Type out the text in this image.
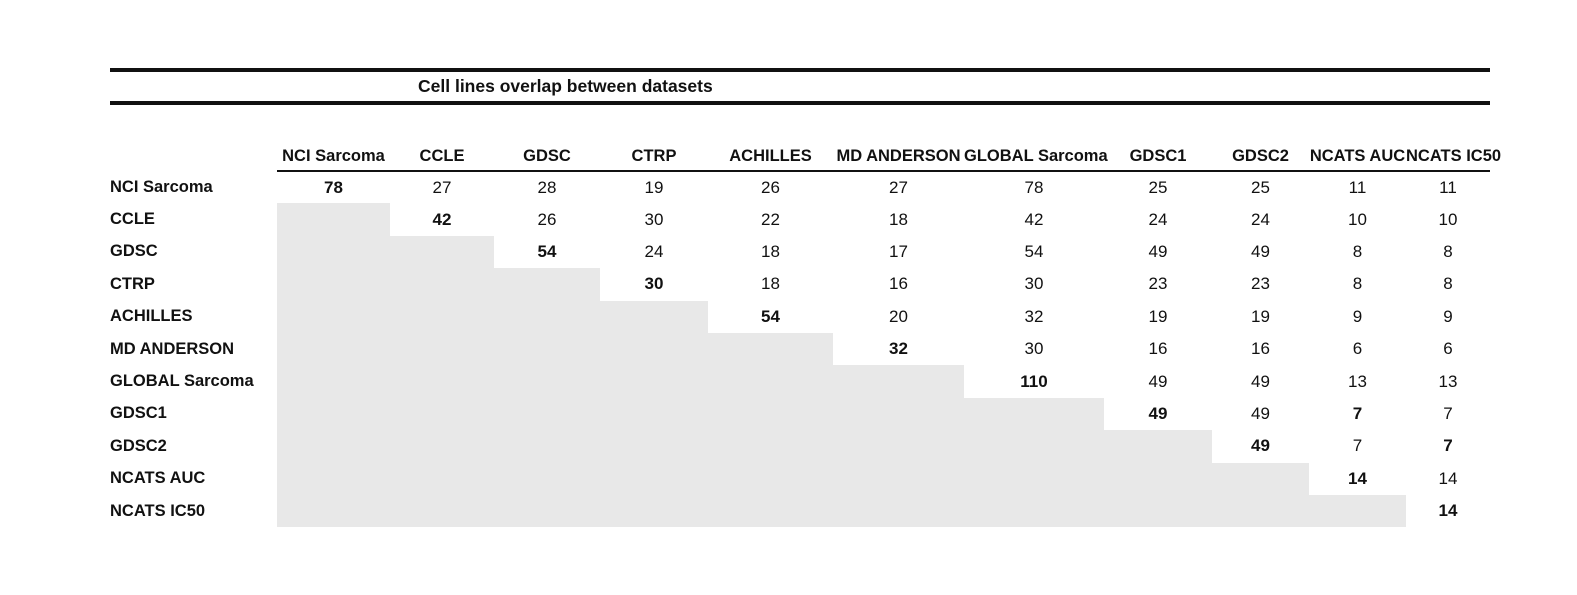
Cell lines overlap between datasets
	NCI Sarcoma	CCLE	GDSC	CTRP	ACHILLES	MD ANDERSON	GLOBAL Sarcoma	GDSC1	GDSC2	NCATS AUC	NCATS IC50
NCI Sarcoma	78	27	28	19	26	27	78	25	25	11	11
CCLE		42	26	30	22	18	42	24	24	10	10
GDSC			54	24	18	17	54	49	49	8	8
CTRP				30	18	16	30	23	23	8	8
ACHILLES					54	20	32	19	19	9	9
MD ANDERSON						32	30	16	16	6	6
GLOBAL Sarcoma							110	49	49	13	13
GDSC1								49	49	7	7
GDSC2									49	7	7
NCATS AUC										14	14
NCATS IC50											14
